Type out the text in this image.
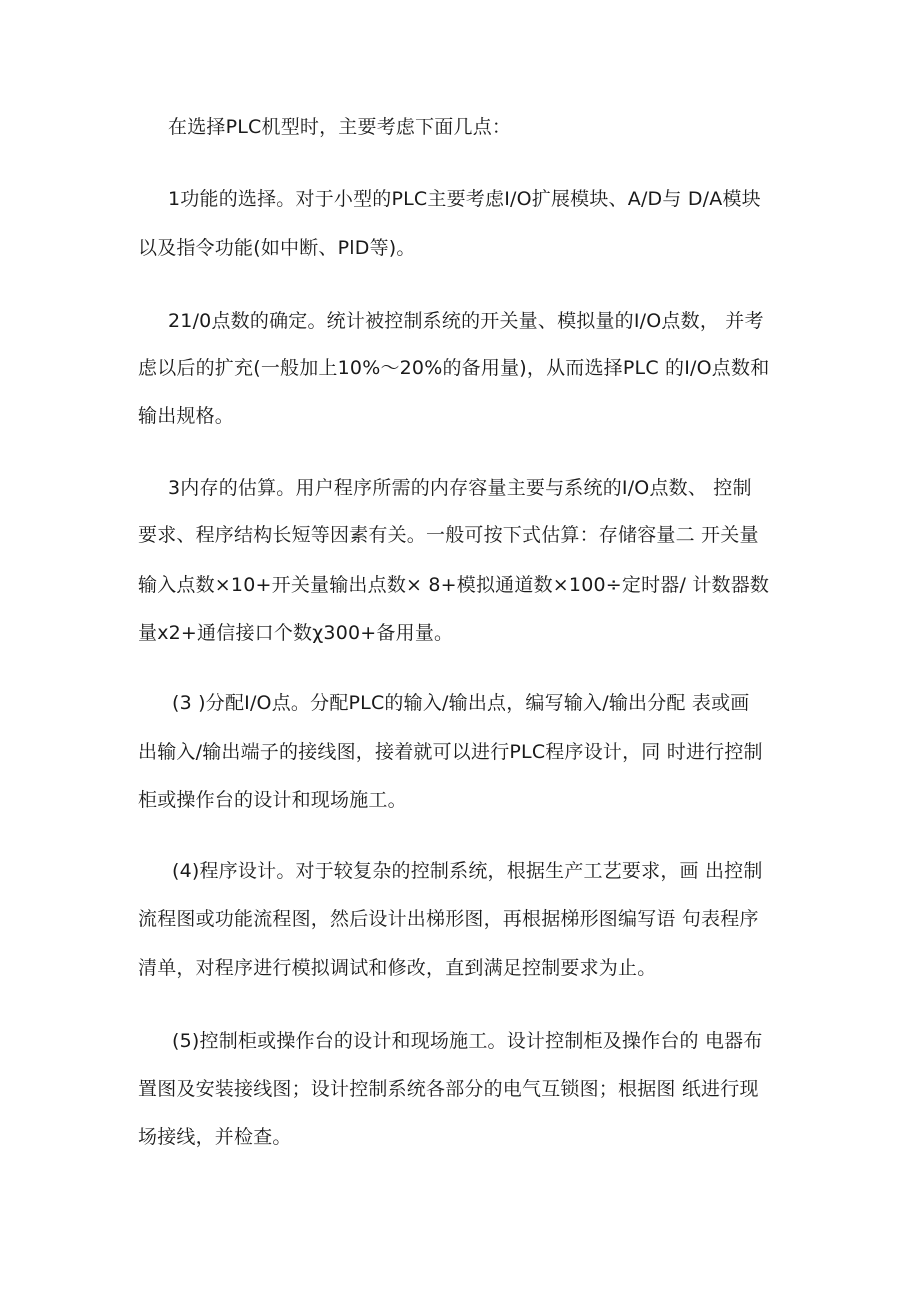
在选择PLC机型时，主要考虑下面几点：
1功能的选择。对于小型的PLC主要考虑I/O扩展模块、A/D与 D/A模块
以及指令功能(如中断、PlD等)。
21/0点数的确定。统计被控制系统的开关量、模拟量的I/O点数， 并考
虑以后的扩充(一般加上10%～20%的备用量)，从而选择PLC 的I/O点数和
输出规格。
3内存的估算。用户程序所需的内存容量主要与系统的I/O点数、 控制
要求、程序结构长短等因素有关。一般可按下式估算：存储容量二 开关量
输入点数×10+开关量输出点数× 8+模拟通道数×100÷定时器/ 计数器数
量x2+通信接口个数χ300+备用量。
(3 )分配I/O点。分配PLC的输入/输出点，编写输入/输出分配 表或画
出输入/输出端子的接线图，接着就可以进行PLC程序设计，同 时进行控制
柜或操作台的设计和现场施工。
(4)程序设计。对于较复杂的控制系统，根据生产工艺要求，画 出控制
流程图或功能流程图，然后设计出梯形图，再根据梯形图编写语 句表程序
清单，对程序进行模拟调试和修改，直到满足控制要求为止。
(5)控制柜或操作台的设计和现场施工。设计控制柜及操作台的 电器布
置图及安装接线图；设计控制系统各部分的电气互锁图；根据图 纸进行现
场接线，并检查。
